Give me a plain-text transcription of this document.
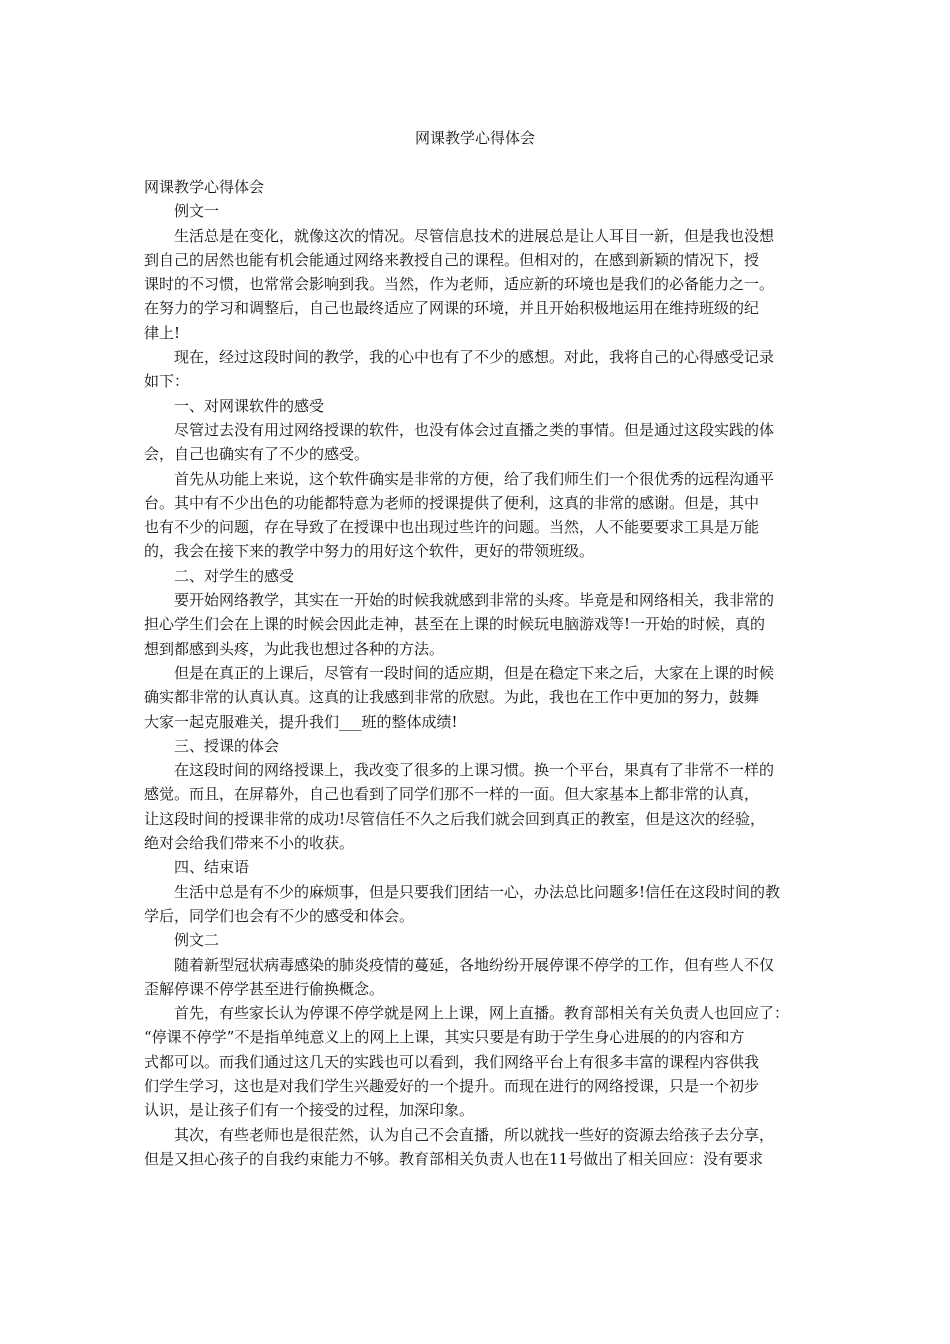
网课教学心得体会
网课教学心得体会
　　例文一
　　生活总是在变化，就像这次的情况。尽管信息技术的进展总是让人耳目一新，但是我也没想
到自己的居然也能有机会能通过网络来教授自己的课程。但相对的，在感到新颖的情况下，授
课时的不习惯，也常常会影响到我。当然，作为老师，适应新的环境也是我们的必备能力之一。
在努力的学习和调整后，自己也最终适应了网课的环境，并且开始积极地运用在维持班级的纪
律上!
　　现在，经过这段时间的教学，我的心中也有了不少的感想。对此，我将自己的心得感受记录
如下：
　　一、对网课软件的感受
　　尽管过去没有用过网络授课的软件，也没有体会过直播之类的事情。但是通过这段实践的体
会，自己也确实有了不少的感受。
　　首先从功能上来说，这个软件确实是非常的方便，给了我们师生们一个很优秀的远程沟通平
台。其中有不少出色的功能都特意为老师的授课提供了便利，这真的非常的感谢。但是，其中
也有不少的问题，存在导致了在授课中也出现过些许的问题。当然，人不能要要求工具是万能
的，我会在接下来的教学中努力的用好这个软件，更好的带领班级。
　　二、对学生的感受
　　要开始网络教学，其实在一开始的时候我就感到非常的头疼。毕竟是和网络相关，我非常的
担心学生们会在上课的时候会因此走神，甚至在上课的时候玩电脑游戏等!一开始的时候，真的
想到都感到头疼，为此我也想过各种的方法。
　　但是在真正的上课后，尽管有一段时间的适应期，但是在稳定下来之后，大家在上课的时候
确实都非常的认真认真。这真的让我感到非常的欣慰。为此，我也在工作中更加的努力，鼓舞
大家一起克服难关，提升我们___班的整体成绩!
　　三、授课的体会
　　在这段时间的网络授课上，我改变了很多的上课习惯。换一个平台，果真有了非常不一样的
感觉。而且，在屏幕外，自己也看到了同学们那不一样的一面。但大家基本上都非常的认真，
让这段时间的授课非常的成功!尽管信任不久之后我们就会回到真正的教室，但是这次的经验，
绝对会给我们带来不小的收获。
　　四、结束语
　　生活中总是有不少的麻烦事，但是只要我们团结一心，办法总比问题多!信任在这段时间的教
学后，同学们也会有不少的感受和体会。
　　例文二
　　随着新型冠状病毒感染的肺炎疫情的蔓延，各地纷纷开展停课不停学的工作，但有些人不仅
歪解停课不停学甚至进行偷换概念。
　　首先，有些家长认为停课不停学就是网上上课，网上直播。教育部相关有关负责人也回应了：
“停课不停学”不是指单纯意义上的网上上课，其实只要是有助于学生身心进展的的内容和方
式都可以。而我们通过这几天的实践也可以看到，我们网络平台上有很多丰富的课程内容供我
们学生学习，这也是对我们学生兴趣爱好的一个提升。而现在进行的网络授课，只是一个初步
认识，是让孩子们有一个接受的过程，加深印象。
　　其次，有些老师也是很茫然，认为自己不会直播，所以就找一些好的资源去给孩子去分享，
但是又担心孩子的自我约束能力不够。教育部相关负责人也在11号做出了相关回应：没有要求
